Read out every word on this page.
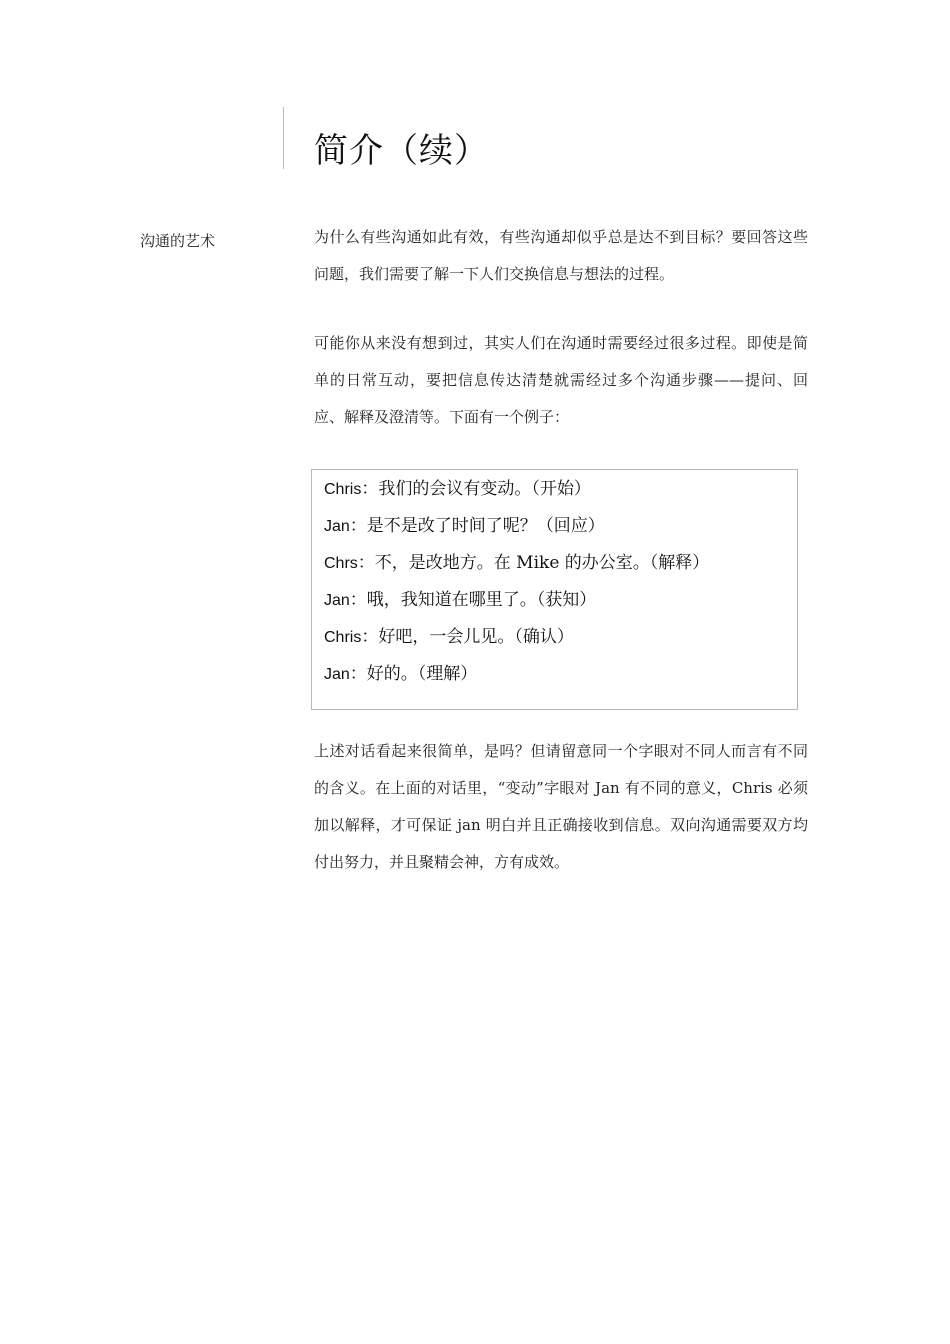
简介（续）
沟通的艺术	为什么有些沟通如此有效，有些沟通却似乎总是达不到目标？要回答这些问题，我们需要了解一下人们交换信息与想法的过程。

可能你从来没有想到过，其实人们在沟通时需要经过很多过程。即使是简单的日常互动，要把信息传达清楚就需经过多个沟通步骤——提问、回应、解释及澄清等。下面有一个例子：

Chris：我们的会议有变动。（开始）
Jan：是不是改了时间了呢？（回应）
Chrs：不，是改地方。在 Mike 的办公室。（解释）
Jan：哦，我知道在哪里了。（获知）
Chris：好吧，一会儿见。（确认）
Jan：好的。（理解）

上述对话看起来很简单，是吗？但请留意同一个字眼对不同人而言有不同的含义。在上面的对话里，“变动”字眼对 Jan 有不同的意义，Chris 必须加以解释，才可保证 jan 明白并且正确接收到信息。双向沟通需要双方均付出努力，并且聚精会神，方有成效。
